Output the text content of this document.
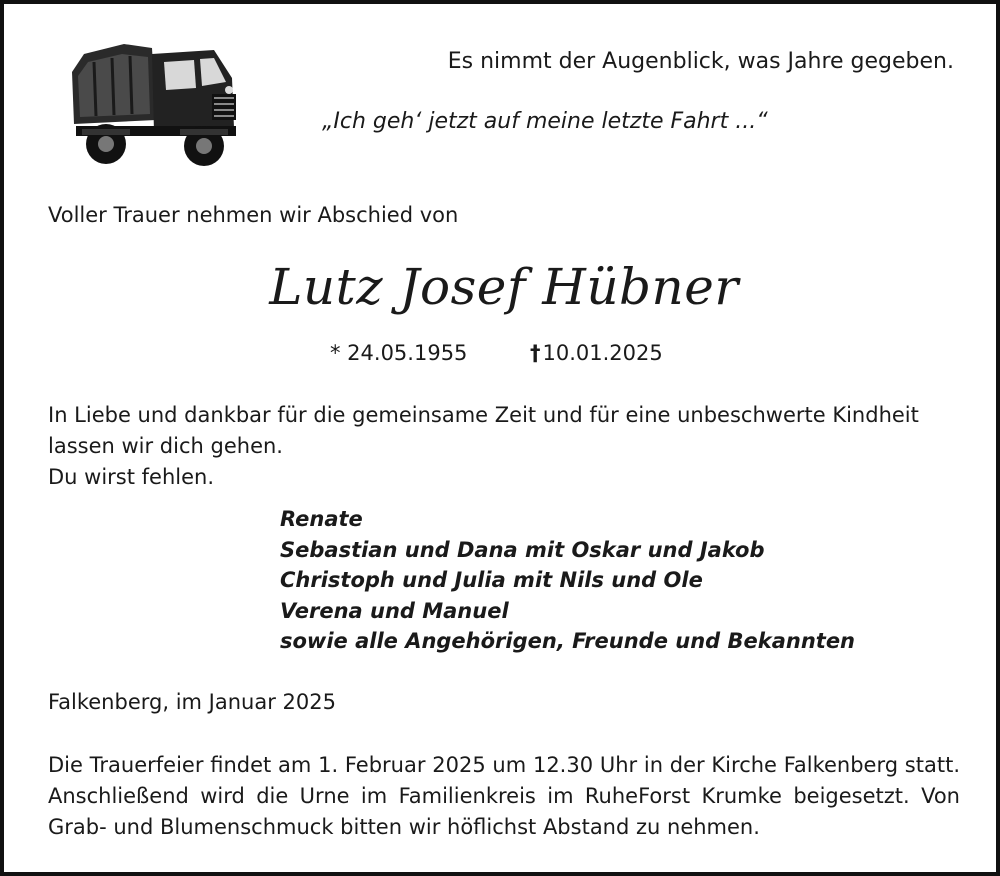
Es nimmt der Augenblick, was Jahre gegeben.
„Ich geh‘ jetzt auf meine letzte Fahrt ...“
Voller Trauer nehmen wir Abschied von
Lutz Josef Hübner
* 24.05.1955	†10.01.2025
In Liebe und dankbar für die gemeinsame Zeit und für eine unbeschwerte Kindheit
lassen wir dich gehen.
Du wirst fehlen.
Renate
Sebastian und Dana mit Oskar und Jakob
Christoph und Julia mit Nils und Ole
Verena und Manuel
sowie alle Angehörigen, Freunde und Bekannten
Falkenberg, im Januar 2025
Die Trauerfeier findet am 1. Februar 2025 um 12.30 Uhr in der Kirche Falkenberg statt. Anschließend wird die Urne im Familienkreis im RuheForst Krumke beigesetzt. Von Grab- und Blumenschmuck bitten wir höflichst Abstand zu nehmen.
